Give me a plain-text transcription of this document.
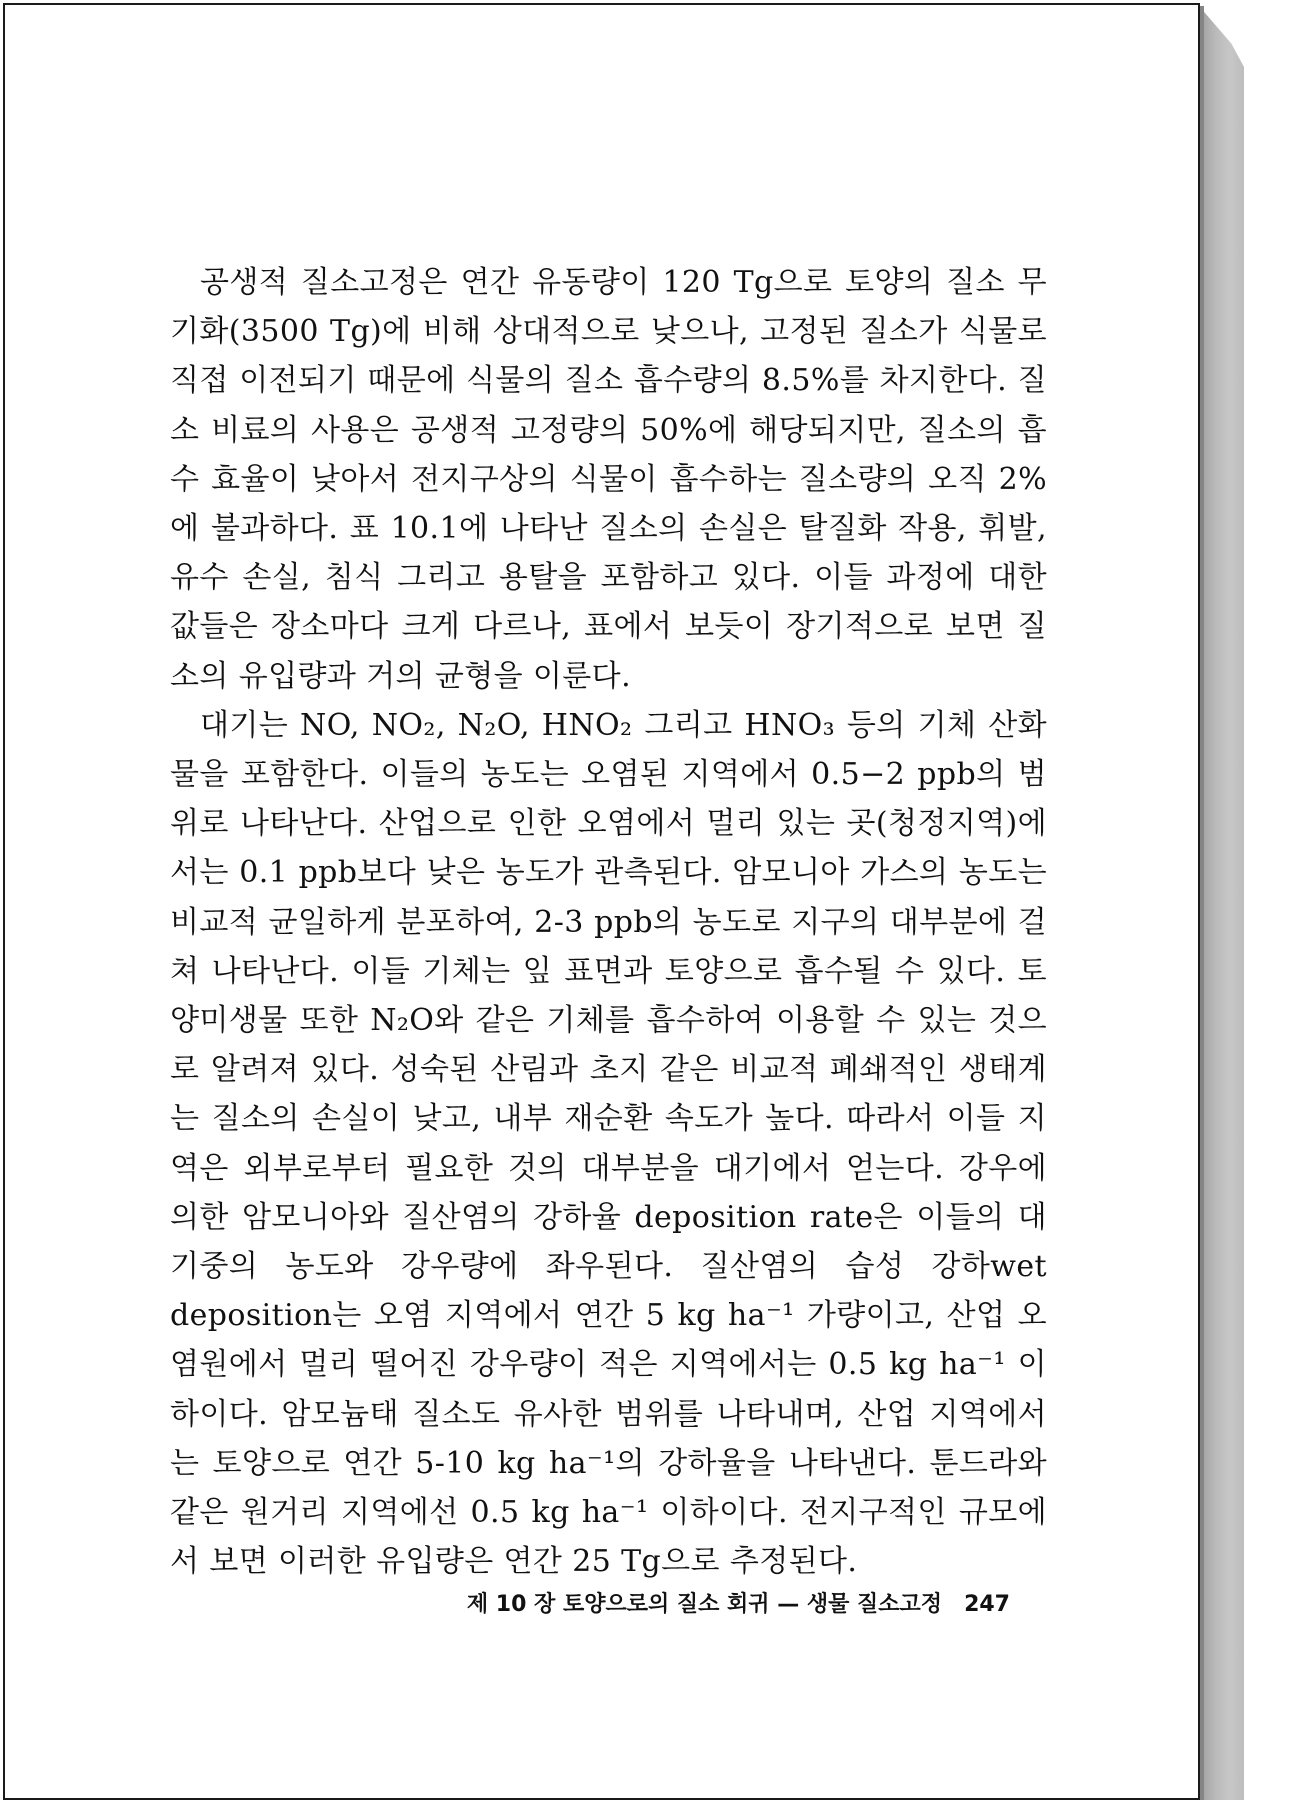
공생적 질소고정은 연간 유동량이 120 Tg으로 토양의 질소 무기화(3500 Tg)에 비해 상대적으로 낮으나, 고정된 질소가 식물로 직접 이전되기 때문에 식물의 질소 흡수량의 8.5%를 차지한다. 질소 비료의 사용은 공생적 고정량의 50%에 해당되지만, 질소의 흡수 효율이 낮아서 전지구상의 식물이 흡수하는 질소량의 오직 2%에 불과하다. 표 10.1에 나타난 질소의 손실은 탈질화 작용, 휘발, 유수 손실, 침식 그리고 용탈을 포함하고 있다. 이들 과정에 대한 값들은 장소마다 크게 다르나, 표에서 보듯이 장기적으로 보면 질소의 유입량과 거의 균형을 이룬다.

대기는 NO, NO₂, N₂O, HNO₂ 그리고 HNO₃ 등의 기체 산화물을 포함한다. 이들의 농도는 오염된 지역에서 0.5−2 ppb의 범위로 나타난다. 산업으로 인한 오염에서 멀리 있는 곳(청정지역)에서는 0.1 ppb보다 낮은 농도가 관측된다. 암모니아 가스의 농도는 비교적 균일하게 분포하여, 2-3 ppb의 농도로 지구의 대부분에 걸쳐 나타난다. 이들 기체는 잎 표면과 토양으로 흡수될 수 있다. 토양미생물 또한 N₂O와 같은 기체를 흡수하여 이용할 수 있는 것으로 알려져 있다. 성숙된 산림과 초지 같은 비교적 폐쇄적인 생태계는 질소의 손실이 낮고, 내부 재순환 속도가 높다. 따라서 이들 지역은 외부로부터 필요한 것의 대부분을 대기에서 얻는다. 강우에 의한 암모니아와 질산염의 강하율 deposition rate은 이들의 대기중의 농도와 강우량에 좌우된다. 질산염의 습성 강하wet deposition는 오염 지역에서 연간 5 kg ha⁻¹ 가량이고, 산업 오염원에서 멀리 떨어진 강우량이 적은 지역에서는 0.5 kg ha⁻¹ 이하이다. 암모늄태 질소도 유사한 범위를 나타내며, 산업 지역에서는 토양으로 연간 5-10 kg ha⁻¹의 강하율을 나타낸다. 툰드라와 같은 원거리 지역에선 0.5 kg ha⁻¹ 이하이다. 전지구적인 규모에서 보면 이러한 유입량은 연간 25 Tg으로 추정된다.

제 10 장 토양으로의 질소 회귀 — 생물 질소고정 247
